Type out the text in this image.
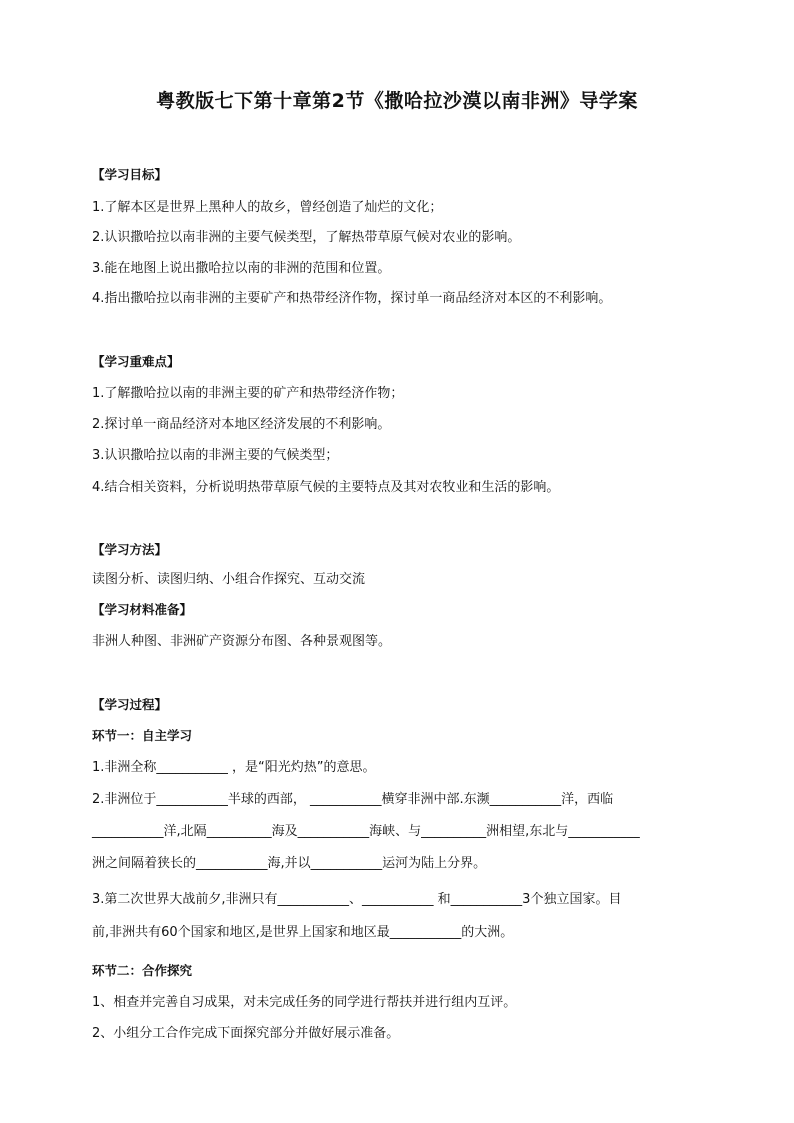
粤教版七下第十章第2节《撒哈拉沙漠以南非洲》导学案
【学习目标】
1.了解本区是世界上黑种人的故乡，曾经创造了灿烂的文化；
2.认识撒哈拉以南非洲的主要气候类型，了解热带草原气候对农业的影响。
3.能在地图上说出撒哈拉以南的非洲的范围和位置。
4.指出撒哈拉以南非洲的主要矿产和热带经济作物，探讨单一商品经济对本区的不利影响。
【学习重难点】
1.了解撒哈拉以南的非洲主要的矿产和热带经济作物；
2.探讨单一商品经济对本地区经济发展的不利影响。
3.认识撒哈拉以南的非洲主要的气候类型；
4.结合相关资料，分析说明热带草原气候的主要特点及其对农牧业和生活的影响。
【学习方法】
读图分析、读图归纳、小组合作探究、互动交流
【学习材料准备】
非洲人种图、非洲矿产资源分布图、各种景观图等。
【学习过程】
环节一：自主学习
1.非洲全称___________ ，是“阳光灼热”的意思。
2.非洲位于___________半球的西部， ___________横穿非洲中部.东濒___________洋，西临
___________洋,北隔__________海及___________海峡、与__________洲相望,东北与___________
洲之间隔着狭长的___________海,并以___________运河为陆上分界。
3.第二次世界大战前夕,非洲只有___________、___________ 和___________3个独立国家。目
前,非洲共有60个国家和地区,是世界上国家和地区最___________的大洲。
环节二：合作探究
1、相查并完善自习成果，对未完成任务的同学进行帮扶并进行组内互评。
2、小组分工合作完成下面探究部分并做好展示准备。
